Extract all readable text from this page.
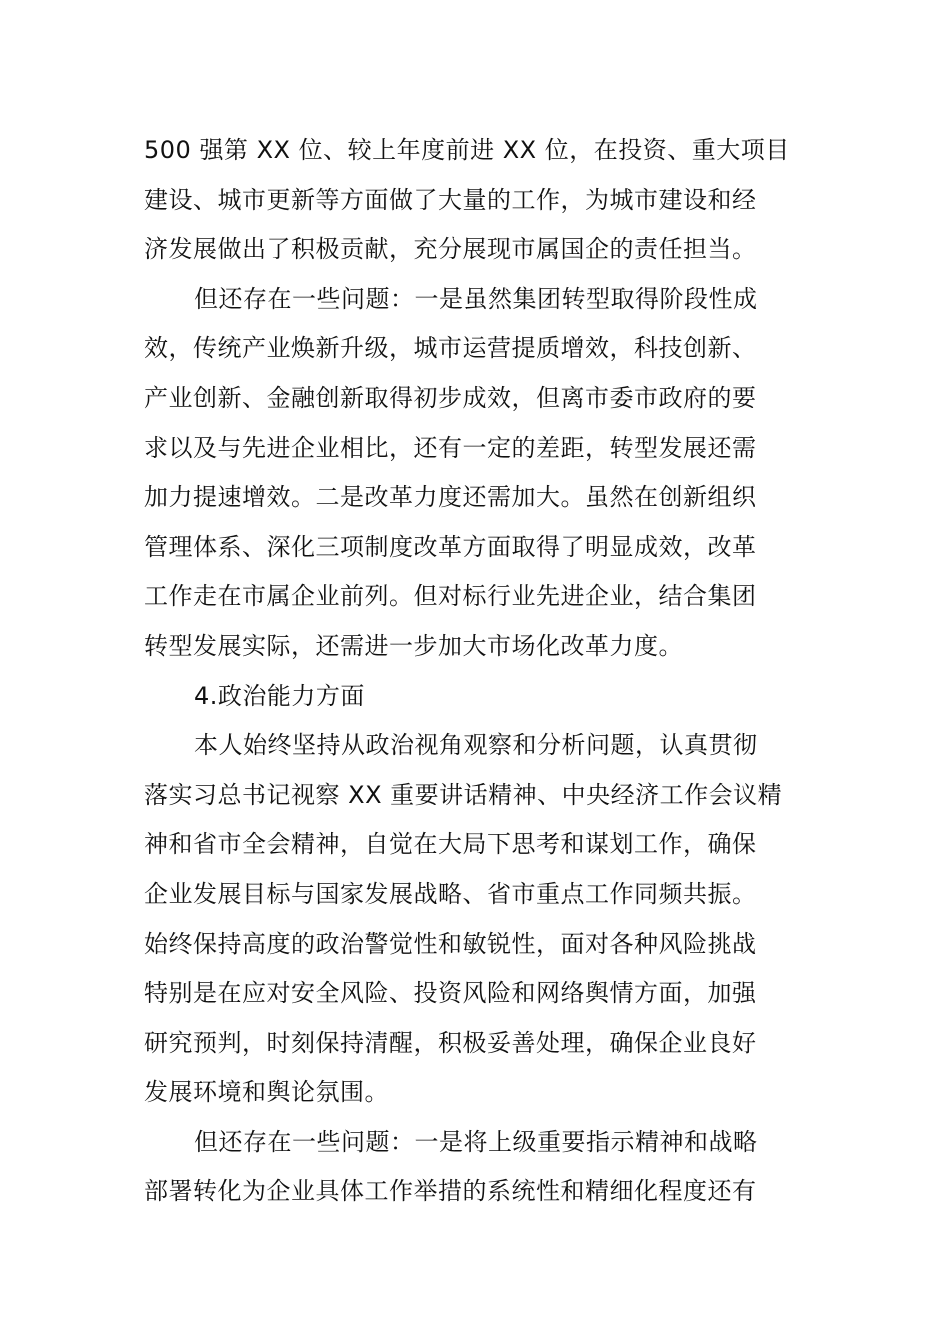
500 强第 XX 位、较上年度前进 XX 位，在投资、重大项目
建设、城市更新等方面做了大量的工作，为城市建设和经
济发展做出了积极贡献，充分展现市属国企的责任担当。
但还存在一些问题：一是虽然集团转型取得阶段性成
效，传统产业焕新升级，城市运营提质增效，科技创新、
产业创新、金融创新取得初步成效，但离市委市政府的要
求以及与先进企业相比，还有一定的差距，转型发展还需
加力提速增效。二是改革力度还需加大。虽然在创新组织
管理体系、深化三项制度改革方面取得了明显成效，改革
工作走在市属企业前列。但对标行业先进企业，结合集团
转型发展实际，还需进一步加大市场化改革力度。
4.政治能力方面
本人始终坚持从政治视角观察和分析问题，认真贯彻
落实习总书记视察 XX 重要讲话精神、中央经济工作会议精
神和省市全会精神，自觉在大局下思考和谋划工作，确保
企业发展目标与国家发展战略、省市重点工作同频共振。
始终保持高度的政治警觉性和敏锐性，面对各种风险挑战
特别是在应对安全风险、投资风险和网络舆情方面，加强
研究预判，时刻保持清醒，积极妥善处理，确保企业良好
发展环境和舆论氛围。
但还存在一些问题：一是将上级重要指示精神和战略
部署转化为企业具体工作举措的系统性和精细化程度还有
